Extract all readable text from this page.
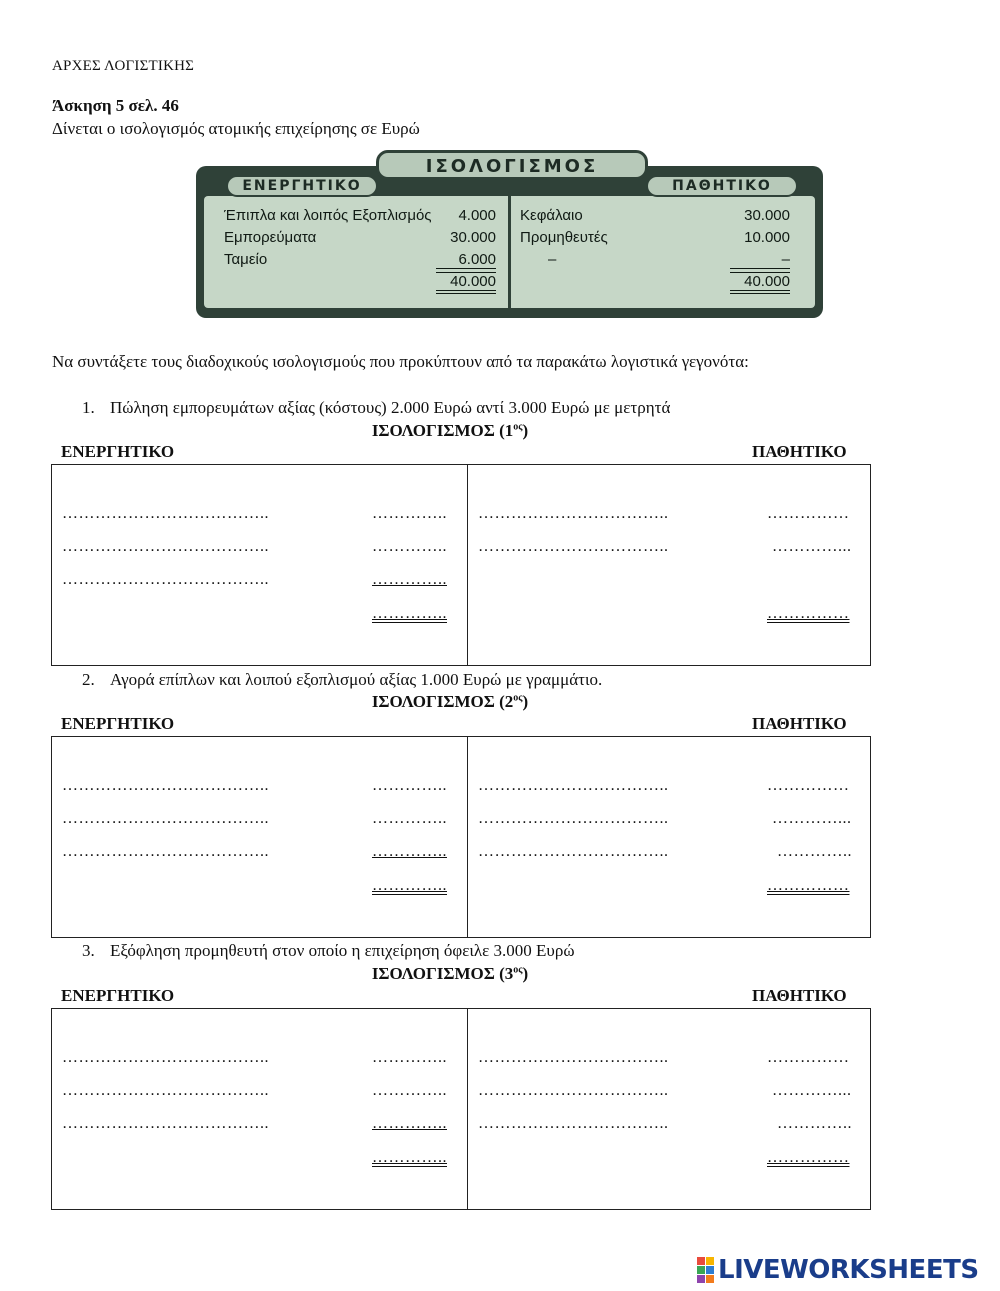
ΑΡΧΕΣ ΛΟΓΙΣΤΙΚΗΣ
Άσκηση 5 σελ. 46
Δίνεται ο ισολογισμός ατομικής επιχείρησης σε Ευρώ
ΙΣΟΛΟΓΙΣΜΟΣ
ΕΝΕΡΓΗΤΙΚΟ	ΠΑΘΗΤΙΚΟ
Έπιπλα και λοιπός Εξοπλισμός	4.000
Εμπορεύματα	30.000
Ταμείο	6.000
40.000
Κεφάλαιο	30.000
Προμηθευτές	10.000
–	–
40.000
Να συντάξετε τους διαδοχικούς ισολογισμούς που προκύπτουν από τα παρακάτω λογιστικά γεγονότα:
1. Πώληση εμπορευμάτων αξίας (κόστους) 2.000 Ευρώ αντί 3.000 Ευρώ με μετρητά
ΙΣΟΛΟΓΙΣΜΟΣ $(1^{o\varsigma})$
ΕΝΕΡΓΗΤΙΚΟ	ΠΑΘΗΤΙΚΟ
………………………………..	…………..
………………………………..	…………..
………………………………..	…………..
…………..
……………………………..	……………
……………………………..	…………...
……………
2. Αγορά επίπλων και λοιπού εξοπλισμού αξίας 1.000 Ευρώ με γραμμάτιο.
ΙΣΟΛΟΓΙΣΜΟΣ $(2^{o\varsigma})$
ΕΝΕΡΓΗΤΙΚΟ	ΠΑΘΗΤΙΚΟ
………………………………..	…………..
………………………………..	…………..
………………………………..	…………..
…………..
……………………………..	……………
……………………………..	…………...
……………………………..	…………..
……………
3. Εξόφληση προμηθευτή στον οποίο η επιχείρηση όφειλε 3.000 Ευρώ
ΙΣΟΛΟΓΙΣΜΟΣ $(3^{o\varsigma})$
ΕΝΕΡΓΗΤΙΚΟ	ΠΑΘΗΤΙΚΟ
………………………………..	…………..
………………………………..	…………..
………………………………..	…………..
…………..
……………………………..	……………
……………………………..	…………...
……………………………..	…………..
……………
LIVEWORKSHEETS
